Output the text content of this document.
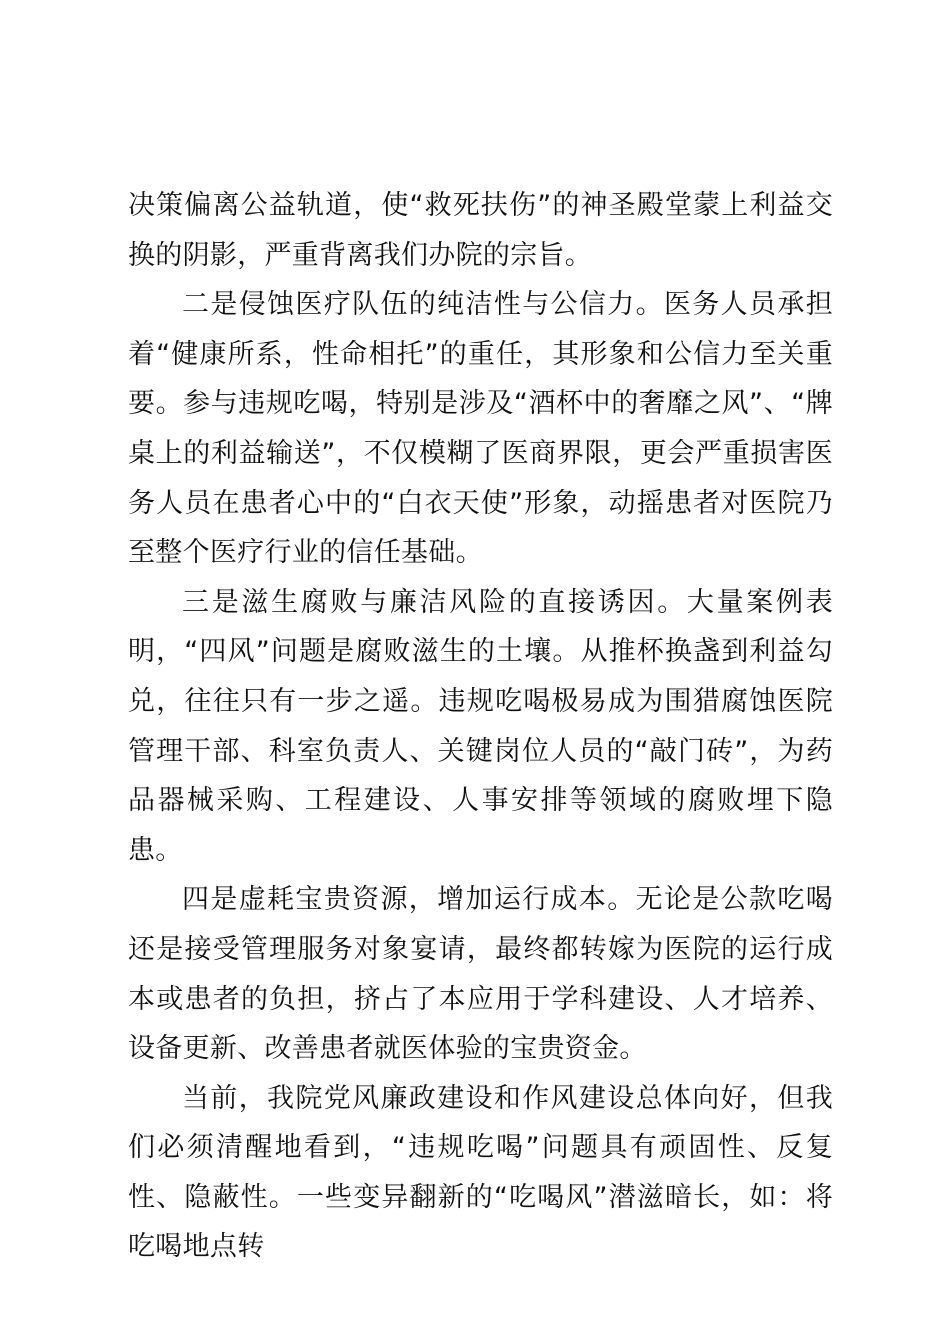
决策偏离公益轨道，使“救死扶伤”的神圣殿堂蒙上利益交换的阴影，严重背离我们办院的宗旨。

二是侵蚀医疗队伍的纯洁性与公信力。医务人员承担着“健康所系，性命相托”的重任，其形象和公信力至关重要。参与违规吃喝，特别是涉及“酒杯中的奢靡之风”、“牌桌上的利益输送”，不仅模糊了医商界限，更会严重损害医务人员在患者心中的“白衣天使”形象，动摇患者对医院乃至整个医疗行业的信任基础。

三是滋生腐败与廉洁风险的直接诱因。大量案例表明，“四风”问题是腐败滋生的土壤。从推杯换盏到利益勾兑，往往只有一步之遥。违规吃喝极易成为围猎腐蚀医院管理干部、科室负责人、关键岗位人员的“敲门砖”，为药品器械采购、工程建设、人事安排等领域的腐败埋下隐患。

四是虚耗宝贵资源，增加运行成本。无论是公款吃喝还是接受管理服务对象宴请，最终都转嫁为医院的运行成本或患者的负担，挤占了本应用于学科建设、人才培养、设备更新、改善患者就医体验的宝贵资金。

当前，我院党风廉政建设和作风建设总体向好，但我们必须清醒地看到，“违规吃喝”问题具有顽固性、反复性、隐蔽性。一些变异翻新的“吃喝风”潜滋暗长，如：将吃喝地点转
